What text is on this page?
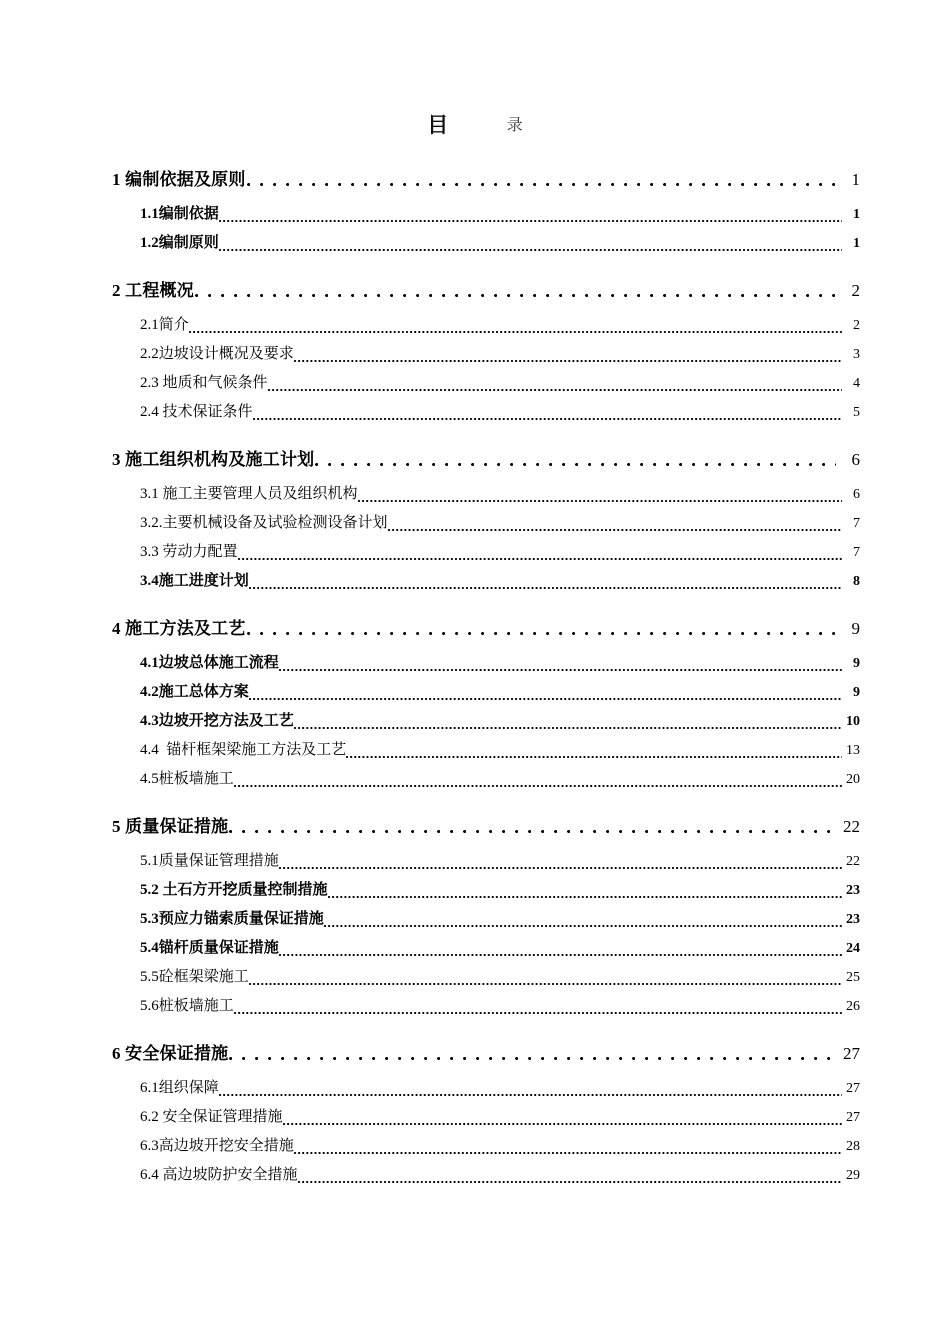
目	录
1 编制依据及原则	1
1.1编制依据	1
1.2编制原则	1
2 工程概况	2
2.1简介	2
2.2边坡设计概况及要求	3
2.3 地质和气候条件	4
2.4 技术保证条件	5
3 施工组织机构及施工计划	6
3.1 施工主要管理人员及组织机构	6
3.2.主要机械设备及试验检测设备计划	7
3.3 劳动力配置	7
3.4施工进度计划	8
4 施工方法及工艺	9
4.1边坡总体施工流程	9
4.2施工总体方案	9
4.3边坡开挖方法及工艺	10
4.4  锚杆框架梁施工方法及工艺	13
4.5桩板墙施工	20
5 质量保证措施	22
5.1质量保证管理措施	22
5.2 土石方开挖质量控制措施	23
5.3预应力锚索质量保证措施	23
5.4锚杆质量保证措施	24
5.5砼框架梁施工	25
5.6桩板墙施工	26
6 安全保证措施	27
6.1组织保障	27
6.2 安全保证管理措施	27
6.3高边坡开挖安全措施	28
6.4 高边坡防护安全措施	29
